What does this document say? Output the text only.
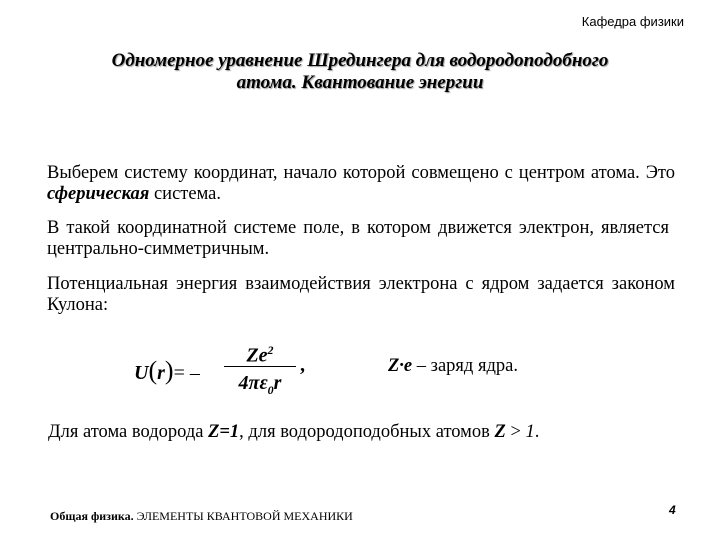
Кафедра физики
Одномерное уравнение Шредингера для водородоподобного
атома. Квантование энергии
Выберем систему координат, начало которой совмещено с центром атома. Это сферическая система.
В такой координатной системе поле, в котором движется электрон, является центрально-симметричным.
Потенциальная энергия взаимодействия электрона с ядром задается законом Кулона:
U(r)= –
Ze$^2$
$4\pi\varepsilon_0r$
,	Z·e – заряд ядра.
Для атома водорода Z=1, для водородоподобных атомов Z > 1.
Общая физика. ЭЛЕМЕНТЫ КВАНТОВОЙ МЕХАНИКИ	4
